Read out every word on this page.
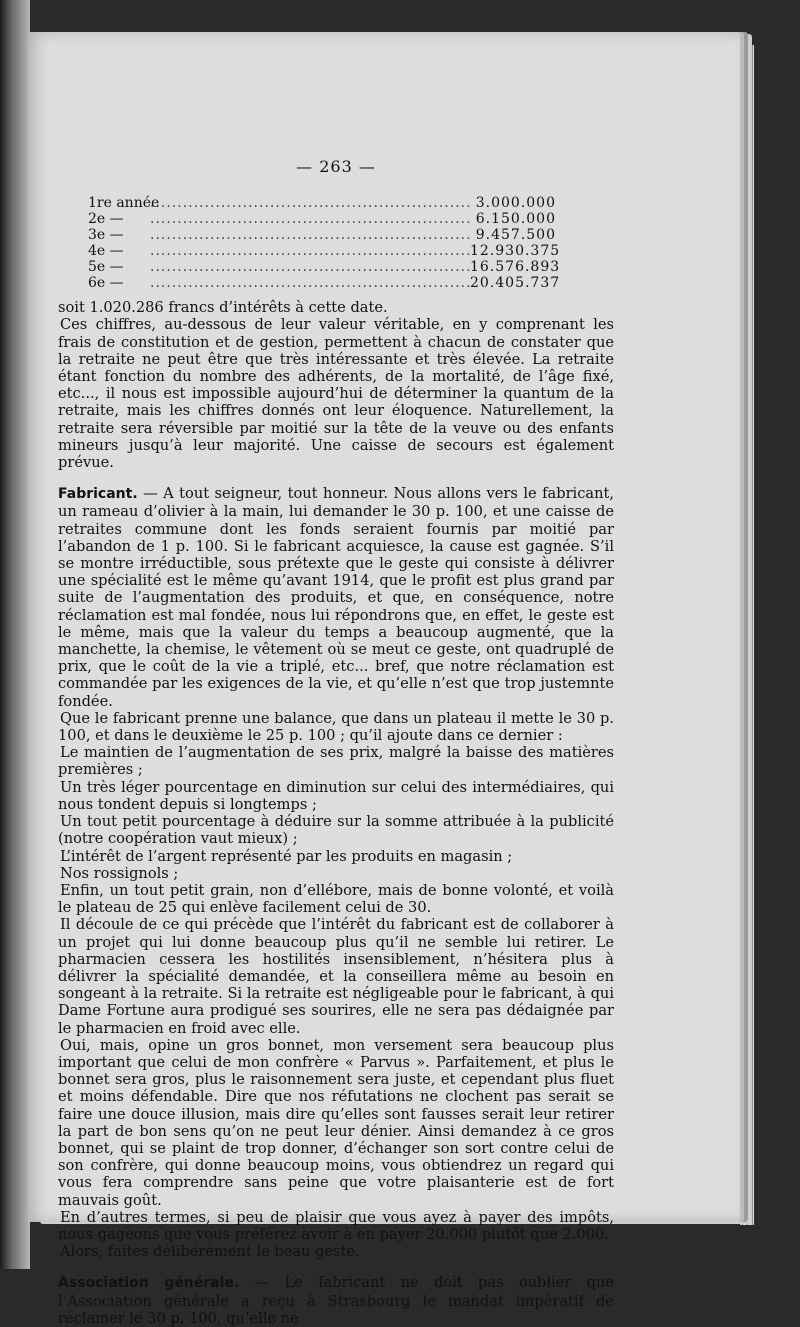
— 263 —
1re année .....	3.000.000
2e — .....	6.150.000
3e — .....	9.457.500
4e — .....	12.930.375
5e — .....	16.576.893
6e — .....	20.405.737

soit 1.020.286 francs d’intérêts à cette date.

Ces chiffres, au-dessous de leur valeur véritable, en y comprenant les frais de constitution et de gestion, permettent à chacun de constater que la retraite ne peut être que très intéressante et très élevée. La retraite étant fonction du nombre des adhérents, de la mortalité, de l’âge fixé, etc..., il nous est impossible aujourd’hui de déterminer la quantum de la retraite, mais les chiffres donnés ont leur éloquence. Naturellement, la retraite sera réversible par moitié sur la tête de la veuve ou des enfants mineurs jusqu’à leur majorité. Une caisse de secours est également prévue.

Fabricant. — A tout seigneur, tout honneur. Nous allons vers le fabricant, un rameau d’olivier à la main, lui demander le 30 p. 100, et une caisse de retraites commune dont les fonds seraient fournis par moitié par l’abandon de 1 p. 100. Si le fabricant acquiesce, la cause est gagnée. S’il se montre irréductible, sous prétexte que le geste qui consiste à délivrer une spécialité est le même qu’avant 1914, que le profit est plus grand par suite de l’augmentation des produits, et que, en conséquence, notre réclamation est mal fondée, nous lui répondrons que, en effet, le geste est le même, mais que la valeur du temps a beaucoup augmenté, que la manchette, la chemise, le vêtement où se meut ce geste, ont quadruplé de prix, que le coût de la vie a triplé, etc... bref, que notre réclamation est commandée par les exigences de la vie, et qu’elle n’est que trop justemnte fondée.

Que le fabricant prenne une balance, que dans un plateau il mette le 30 p. 100, et dans le deuxième le 25 p. 100 ; qu’il ajoute dans ce dernier :

Le maintien de l’augmentation de ses prix, malgré la baisse des matières premières ;

Un très léger pourcentage en diminution sur celui des intermédiaires, qui nous tondent depuis si longtemps ;

Un tout petit pourcentage à déduire sur la somme attribuée à la publicité (notre coopération vaut mieux) ;

L’intérêt de l’argent représenté par les produits en magasin ;

Nos rossignols ;

Enfin, un tout petit grain, non d’ellébore, mais de bonne volonté, et voilà le plateau de 25 qui enlève facilement celui de 30.

Il découle de ce qui précède que l’intérêt du fabricant est de collaborer à un projet qui lui donne beaucoup plus qu’il ne semble lui retirer. Le pharmacien cessera les hostilités insensiblement, n’hésitera plus à délivrer la spécialité demandée, et la conseillera même au besoin en songeant à la retraite. Si la retraite est négligeable pour le fabricant, à qui Dame Fortune aura prodigué ses sourires, elle ne sera pas dédaignée par le pharmacien en froid avec elle.

Oui, mais, opine un gros bonnet, mon versement sera beaucoup plus important que celui de mon confrère « Parvus ». Parfaitement, et plus le bonnet sera gros, plus le raisonnement sera juste, et cependant plus fluet et moins défendable. Dire que nos réfutations ne clochent pas serait se faire une douce illusion, mais dire qu’elles sont fausses serait leur retirer la part de bon sens qu’on ne peut leur dénier. Ainsi demandez à ce gros bonnet, qui se plaint de trop donner, d’échanger son sort contre celui de son confrère, qui donne beaucoup moins, vous obtiendrez un regard qui vous fera comprendre sans peine que votre plaisanterie est de fort mauvais goût.

En d’autres termes, si peu de plaisir que vous ayez à payer des impôts, nous gageons que vous préférez avoir à en payer 20.000 plutôt que 2.000.

Alors, faites délibérément le beau geste.

Association générale. — Le fabricant ne doit pas oublier que l’Association générale a reçu à Strasbourg le mandat impératif de réclamer le 30 p. 100, qu’elle ne
